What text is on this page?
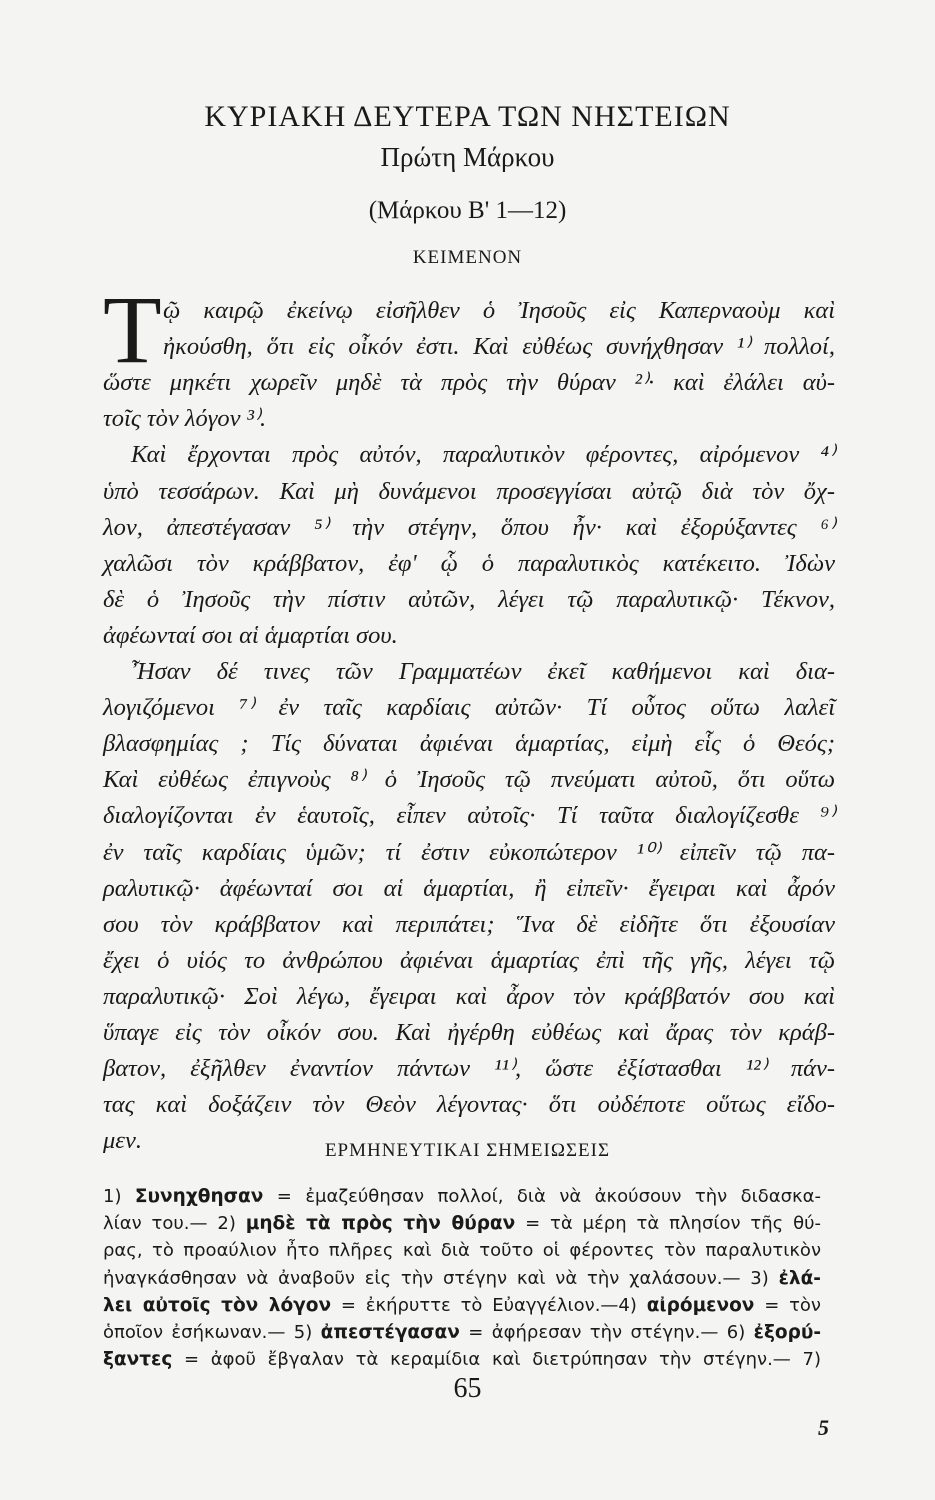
ΚΥΡΙΑΚΗ ΔΕΥΤΕΡΑ ΤΩΝ ΝΗΣΤΕΙΩΝ
Πρώτη Μάρκου
(Μάρκου Β' 1—12)
ΚΕΙΜΕΝΟΝ
Τ ῷ καιρῷ ἐκείνῳ εἰσῆλθεν ὁ Ἰησοῦς εἰς Καπερναοὺμ καὶ
ἠκούσθη, ὅτι εἰς οἶκόν ἐστι. Καὶ εὐθέως συνήχθησαν ¹⁾ πολλοί,
ὥστε μηκέτι χωρεῖν μηδὲ τὰ πρὸς τὴν θύραν ²⁾· καὶ ἐλάλει αὐ-
τοῖς τὸν λόγον ³⁾.
Καὶ ἔρχονται πρὸς αὐτόν, παραλυτικὸν φέροντες, αἰρόμενον ⁴⁾
ὑπὸ τεσσάρων. Καὶ μὴ δυνάμενοι προσεγγίσαι αὐτῷ διὰ τὸν ὄχ-
λον, ἀπεστέγασαν ⁵⁾ τὴν στέγην, ὅπου ἦν· καὶ ἐξορύξαντες ⁶⁾
χαλῶσι τὸν κράββατον, ἐφ' ᾧ ὁ παραλυτικὸς κατέκειτο. Ἰδὼν
δὲ ὁ Ἰησοῦς τὴν πίστιν αὐτῶν, λέγει τῷ παραλυτικῷ· Τέκνον,
ἀφέωνταί σοι αἱ ἁμαρτίαι σου.
Ἦσαν δέ τινες τῶν Γραμματέων ἐκεῖ καθήμενοι καὶ δια-
λογιζόμενοι ⁷⁾ ἐν ταῖς καρδίαις αὐτῶν· Τί οὗτος οὕτω λαλεῖ
βλασφημίας ; Τίς δύναται ἀφιέναι ἁμαρτίας, εἰμὴ εἷς ὁ Θεός;
Καὶ εὐθέως ἐπιγνοὺς ⁸⁾ ὁ Ἰησοῦς τῷ πνεύματι αὐτοῦ, ὅτι οὕτω
διαλογίζονται ἐν ἑαυτοῖς, εἶπεν αὐτοῖς· Τί ταῦτα διαλογίζεσθε ⁹⁾
ἐν ταῖς καρδίαις ὑμῶν; τί ἐστιν εὐκοπώτερον ¹⁰⁾ εἰπεῖν τῷ πα-
ραλυτικῷ· ἀφέωνταί σοι αἱ ἁμαρτίαι, ἢ εἰπεῖν· ἔγειραι καὶ ἆρόν
σου τὸν κράββατον καὶ περιπάτει; Ἵνα δὲ εἰδῆτε ὅτι ἐξουσίαν
ἔχει ὁ υἱός το ἀνθρώπου ἀφιέναι ἁμαρτίας ἐπὶ τῆς γῆς, λέγει τῷ
παραλυτικῷ· Σοὶ λέγω, ἔγειραι καὶ ἆρον τὸν κράββατόν σου καὶ
ὕπαγε εἰς τὸν οἶκόν σου. Καὶ ἠγέρθη εὐθέως καὶ ἄρας τὸν κράβ-
βατον, ἐξῆλθεν ἐναντίον πάντων ¹¹⁾, ὥστε ἐξίστασθαι ¹²⁾ πάν-
τας καὶ δοξάζειν τὸν Θεὸν λέγοντας· ὅτι οὐδέποτε οὕτως εἴδο-
μεν.	ΕΡΜΗΝΕΥΤΙΚΑΙ ΣΗΜΕΙΩΣΕΙΣ
1) Συνηχθησαν = ἐμαζεύθησαν πολλοί, διὰ νὰ ἀκούσουν τὴν διδασκα-
λίαν του.— 2) μηδὲ τὰ πρὸς τὴν θύραν = τὰ μέρη τὰ πλησίον τῆς θύ-
ρας, τὸ προαύλιον ἦτο πλῆρες καὶ διὰ τοῦτο οἱ φέροντες τὸν παραλυτικὸν
ἠναγκάσθησαν νὰ ἀναβοῦν εἰς τὴν στέγην καὶ νὰ τὴν χαλάσουν.— 3) ἐλά-
λει αὐτοῖς τὸν λόγον = ἐκήρυττε τὸ Εὐαγγέλιον.—4) αἰρόμενον = τὸν
ὁποῖον ἐσήκωναν.— 5) ἀπεστέγασαν = ἀφήρεσαν τὴν στέγην.— 6) ἐξορύ-
ξαντες = ἀφοῦ ἔβγαλαν τὰ κεραμίδια καὶ διετρύπησαν τὴν στέγην.— 7)
65
5
